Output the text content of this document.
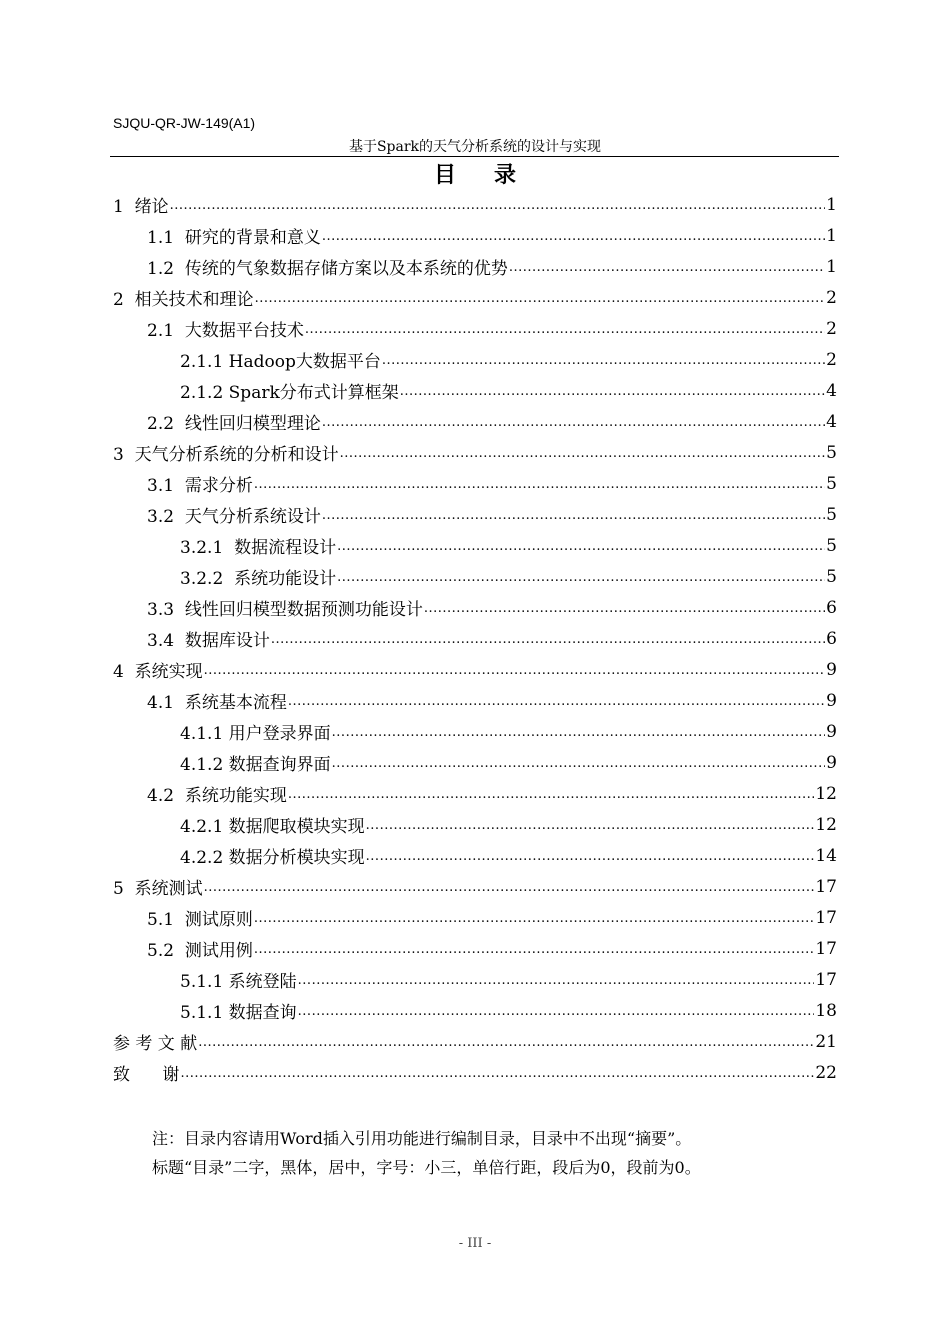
SJQU-QR-JW-149(A1)
基于Spark的天气分析系统的设计与实现
目录
1  绪论 .....	1
1.1  研究的背景和意义 .....	1
1.2  传统的气象数据存储方案以及本系统的优势 .....	1
2  相关技术和理论 .....	2
2.1  大数据平台技术 .....	2
2.1.1 Hadoop大数据平台 .....	2
2.1.2 Spark分布式计算框架 .....	4
2.2  线性回归模型理论 .....	4
3  天气分析系统的分析和设计 .....	5
3.1  需求分析 .....	5
3.2  天气分析系统设计 .....	5
3.2.1  数据流程设计 .....	5
3.2.2  系统功能设计 .....	5
3.3  线性回归模型数据预测功能设计 .....	6
3.4  数据库设计 .....	6
4  系统实现 .....	9
4.1  系统基本流程 .....	9
4.1.1 用户登录界面 .....	9
4.1.2 数据查询界面 .....	9
4.2  系统功能实现 .....	12
4.2.1 数据爬取模块实现 .....	12
4.2.2 数据分析模块实现 .....	14
5  系统测试 .....	17
5.1  测试原则 .....	17
5.2  测试用例 .....	17
5.1.1 系统登陆 .....	17
5.1.1 数据查询 .....	18
参 考 文 献 .....	21
致      谢 .....	22
注：目录内容请用Word插入引用功能进行编制目录，目录中不出现“摘要”。
标题“目录”二字，黑体，居中，字号：小三，单倍行距，段后为0，段前为0。
- III -
